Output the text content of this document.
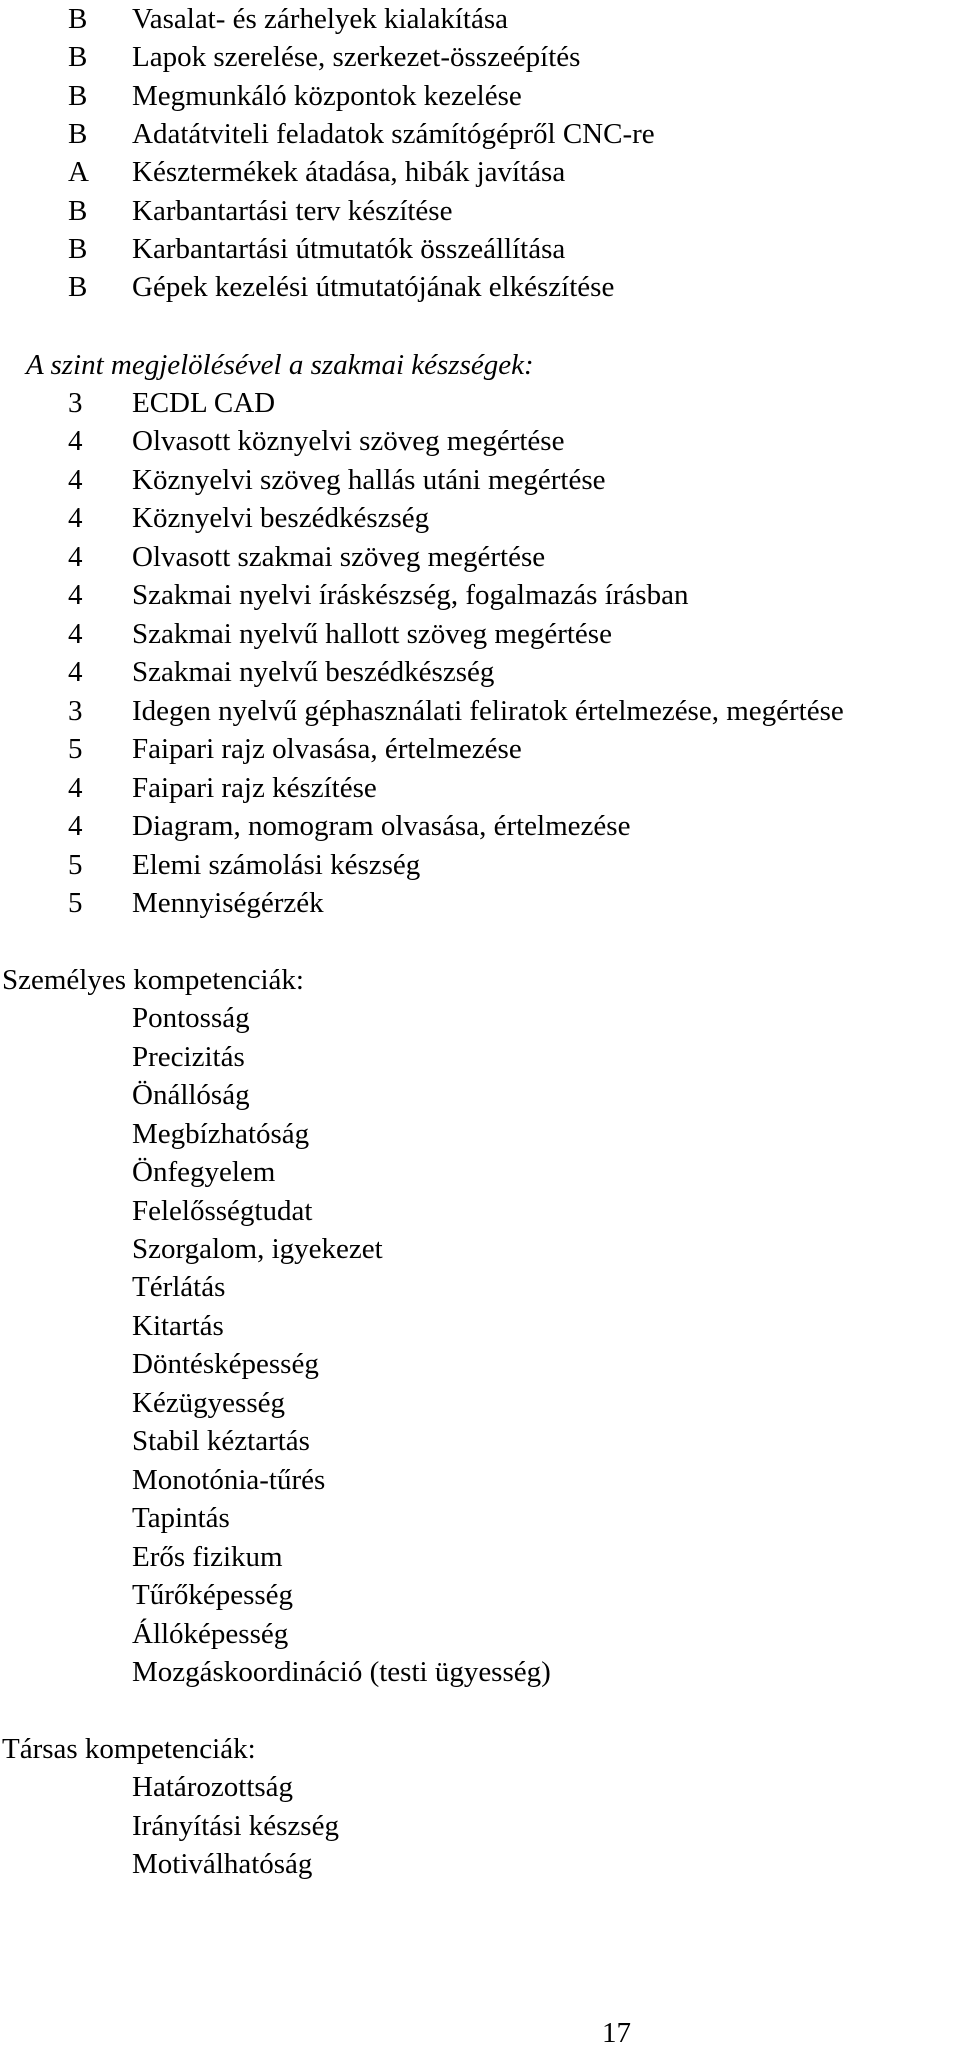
B	Vasalat- és zárhelyek kialakítása
B	Lapok szerelése, szerkezet-összeépítés
B	Megmunkáló központok kezelése
B	Adatátviteli feladatok számítógépről CNC-re
A	Késztermékek átadása, hibák javítása
B	Karbantartási terv készítése
B	Karbantartási útmutatók összeállítása
B	Gépek kezelési útmutatójának elkészítése
A szint megjelölésével a szakmai készségek:
3	ECDL CAD
4	Olvasott köznyelvi szöveg megértése
4	Köznyelvi szöveg hallás utáni megértése
4	Köznyelvi beszédkészség
4	Olvasott szakmai szöveg megértése
4	Szakmai nyelvi íráskészség, fogalmazás írásban
4	Szakmai nyelvű hallott szöveg megértése
4	Szakmai nyelvű beszédkészség
3	Idegen nyelvű géphasználati feliratok értelmezése, megértése
5	Faipari rajz olvasása, értelmezése
4	Faipari rajz készítése
4	Diagram, nomogram olvasása, értelmezése
5	Elemi számolási készség
5	Mennyiségérzék
Személyes kompetenciák:
Pontosság
Precizitás
Önállóság
Megbízhatóság
Önfegyelem
Felelősségtudat
Szorgalom, igyekezet
Térlátás
Kitartás
Döntésképesség
Kézügyesség
Stabil kéztartás
Monotónia-tűrés
Tapintás
Erős fizikum
Tűrőképesség
Állóképesség
Mozgáskoordináció (testi ügyesség)
Társas kompetenciák:
Határozottság
Irányítási készség
Motiválhatóság
17
